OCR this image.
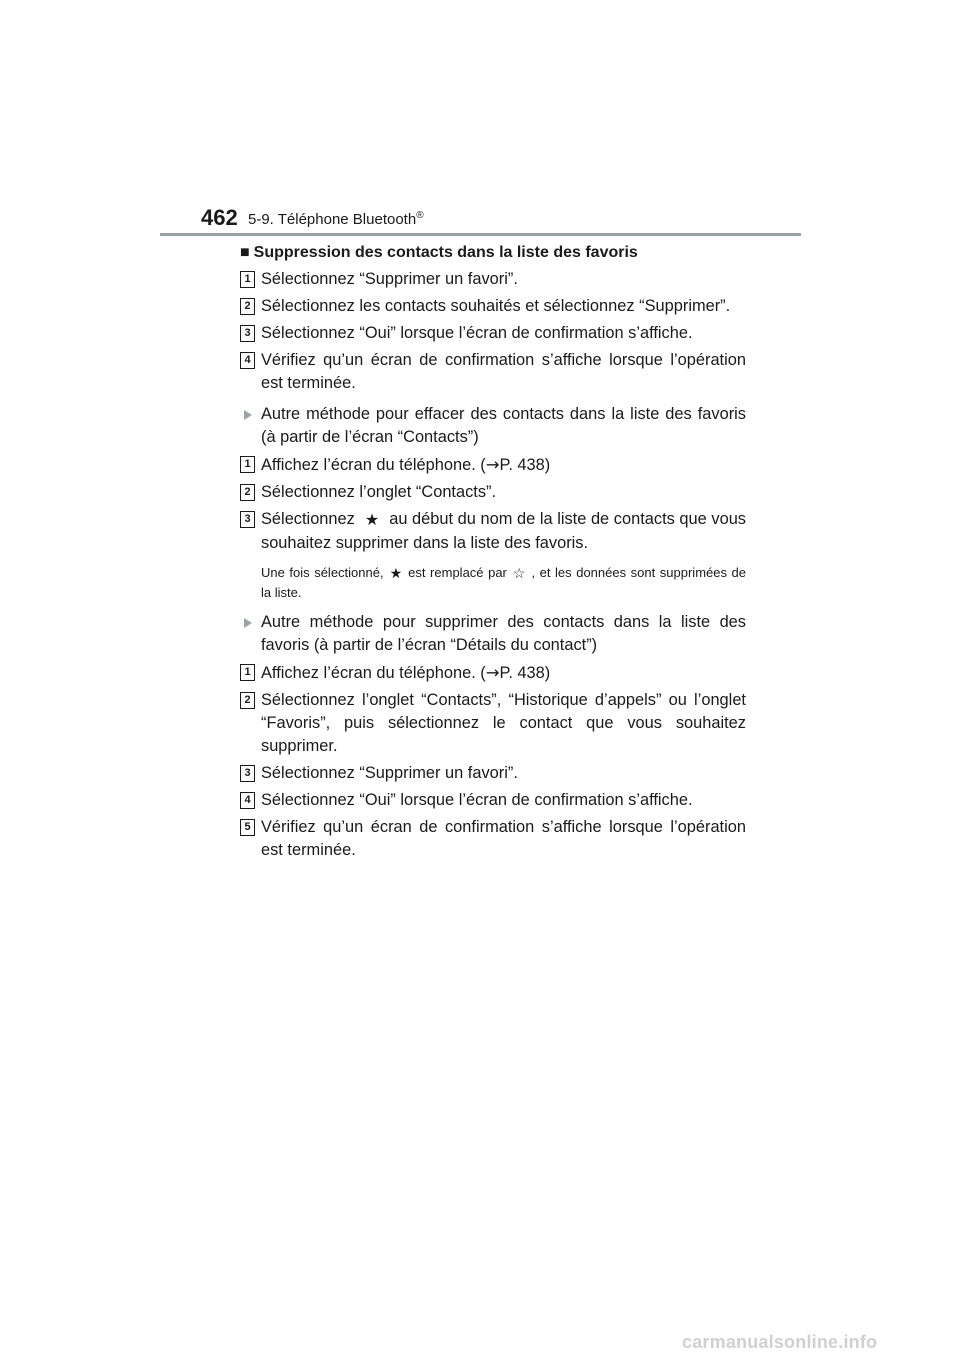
462 5-9. Téléphone Bluetooth®
■ Suppression des contacts dans la liste des favoris
1 Sélectionnez “Supprimer un favori”.
2 Sélectionnez les contacts souhaités et sélectionnez “Supprimer”.
3 Sélectionnez “Oui” lorsque l’écran de confirmation s’affiche.
4 Vérifiez qu’un écran de confirmation s’affiche lorsque l’opération est terminée.
Autre méthode pour effacer des contacts dans la liste des favoris (à partir de l’écran “Contacts”)
1 Affichez l’écran du téléphone. (→P. 438)
2 Sélectionnez l’onglet “Contacts”.
3 Sélectionnez ★ au début du nom de la liste de contacts que vous souhaitez supprimer dans la liste des favoris.
Une fois sélectionné, ★ est remplacé par ☆ , et les données sont supprimées de la liste.
Autre méthode pour supprimer des contacts dans la liste des favoris (à partir de l’écran “Détails du contact”)
1 Affichez l’écran du téléphone. (→P. 438)
2 Sélectionnez l’onglet “Contacts”, “Historique d’appels” ou l’onglet “Favoris”, puis sélectionnez le contact que vous souhaitez supprimer.
3 Sélectionnez “Supprimer un favori”.
4 Sélectionnez “Oui” lorsque l’écran de confirmation s’affiche.
5 Vérifiez qu’un écran de confirmation s’affiche lorsque l’opération est terminée.
carmanualsonline.info
